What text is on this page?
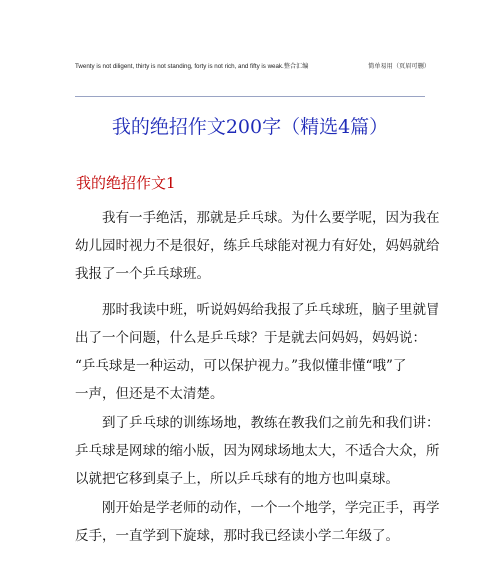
Twenty is not diligent, thirty is not standing, forty is not rich, and fifty is weak.整合汇编	简单易用（页眉可删）
我的绝招作文200字（精选4篇）
我的绝招作文1
我有一手绝活，那就是乒乓球。为什么要学呢，因为我在
幼儿园时视力不是很好，练乒乓球能对视力有好处，妈妈就给
我报了一个乒乓球班。
那时我读中班，听说妈妈给我报了乒乓球班，脑子里就冒
出了一个问题，什么是乒乓球？于是就去问妈妈，妈妈说：
“乒乓球是一种运动，可以保护视力。”我似懂非懂“哦”了
一声，但还是不太清楚。
到了乒乓球的训练场地，教练在教我们之前先和我们讲：
乒乓球是网球的缩小版，因为网球场地太大，不适合大众，所
以就把它移到桌子上，所以乒乓球有的地方也叫桌球。
刚开始是学老师的动作，一个一个地学，学完正手，再学
反手，一直学到下旋球，那时我已经读小学二年级了。
